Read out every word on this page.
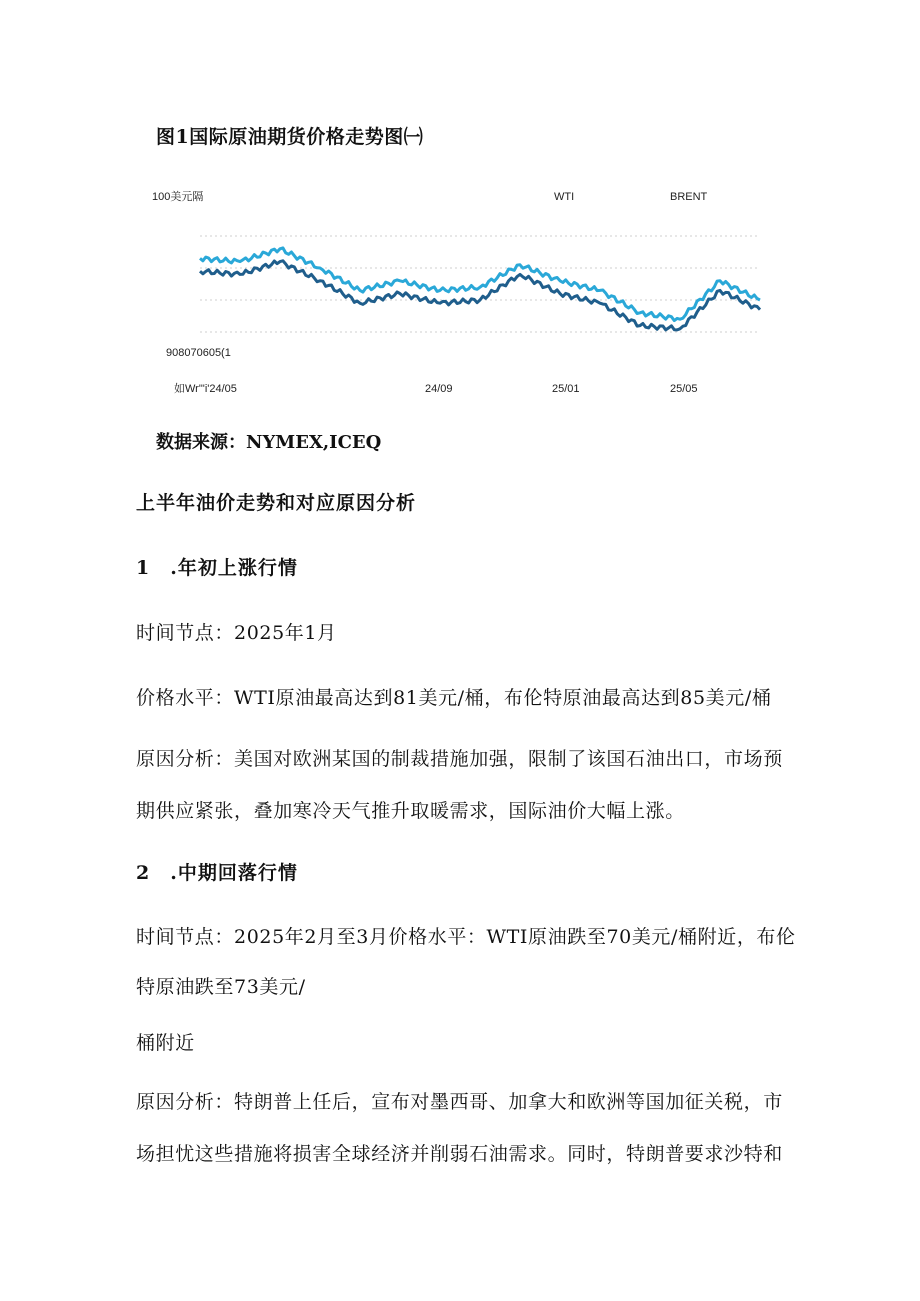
图1国际原油期货价格走势图㈠
100美元隔	WTI	BRENT
908070605(1
如Wr"'i'24/05	24/09	25/01	25/05
数据来源：NYMEX,ICEQ
上半年油价走势和对应原因分析
1　.年初上涨行情
时间节点：2025年1月
价格水平：WTI原油最高达到81美元/桶，布伦特原油最高达到85美元/桶
原因分析：美国对欧洲某国的制裁措施加强，限制了该国石油出口，市场预
期供应紧张，叠加寒冷天气推升取暖需求，国际油价大幅上涨。
2　.中期回落行情
时间节点：2025年2月至3月价格水平：WTI原油跌至70美元/桶附近，布伦
特原油跌至73美元/
桶附近
原因分析：特朗普上任后，宣布对墨西哥、加拿大和欧洲等国加征关税，市
场担忧这些措施将损害全球经济并削弱石油需求。同时，特朗普要求沙特和
